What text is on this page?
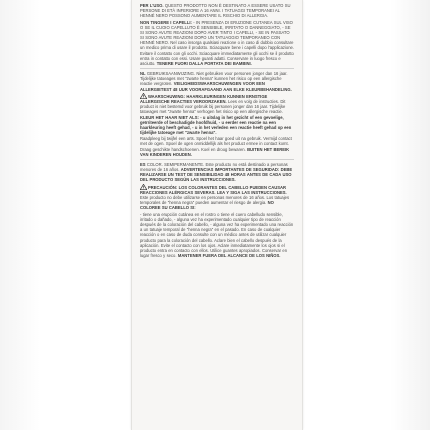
PER L'USO. QUESTO PRODOTTO NON È DESTINATO A ESSERE USATO SU PERSONE DI ETÀ INFERIORE A 16 ANNI. I TATUAGGI TEMPORANEI AL HENNÉ NERO POSSONO AUMENTARE IL RISCHIO DI ALLERGIA.

NON TINGERE I CAPELLI: - IN PRESENZA DI ERUZIONE CUTANEA SUL VISO O SE IL CUOIO CAPELLUTO È SENSIBILE, IRRITATO O DANNEGGIATO, - SE SI SONO AVUTE REAZIONI DOPO AVER TINTO I CAPELLI, - SE IN PASSATO SI SONO AVUTE REAZIONI DOPO UN TATUAGGIO TEMPORANEO CON HENNÉ NERO. Nel caso insorga qualsiasi reazione o in caso di dubbio consultare un medico prima di usare il prodotto. Sciacquare bene i capelli dopo l'applicazione. Evitare il contatto con gli occhi. Sciacquare immediatamente gli occhi se il prodotto entra in contatto con essi. Usare guanti adatti. Conservare in luogo fresco e asciutto. TENERE FUORI DALLA PORTATA DEI BAMBINI.

NL GEBRUIKSAANWIJZING. Niet gebruiken voor personen jonger dan 16 jaar. Tijdelijke tatoeages met "zwarte henna" kunnen het risico op een allergische reactie vergroten. VEILIGHEIDSWAARSCHUWINGEN VOOR EEN ALLERGIETEST 48 UUR VOORAFGAAND AAN ELKE KLEURBEHANDELING.

WAARSCHUWING: HAARKLEURINGEN KUNNEN ERNSTIGE ALLERGISCHE REACTIES VEROORZAKEN. Lees en volg de instructies. Dit product is niet bestemd voor gebruik bij personen jonger dan 16 jaar. Tijdelijke tatoeages met "zwarte henna" verhogen het risico op een allergische reactie. KLEUR HET HAAR NIET ALS: - u uitslag in het gezicht of een gevoelige, geïrriteerde of beschadigde hoofdhuid, - u eerder een reactie na een haarkleuring heeft gehad, - u in het verleden een reactie heeft gehad op een tijdelijke tatoeage met "zwarte henna".

Raadpleeg bij twijfel een arts. Spoel het haar goed uit na gebruik. Vermijd contact met de ogen. Spoel de ogen onmiddellijk als het product ermee in contact komt. Draag geschikte handschoenen. Koel en droog bewaren. BUITEN HET BEREIK VAN KINDEREN HOUDEN.

ES COLOR. SEMIPERMANENTE. Este producto no está destinado a personas menores de 16 años. ADVERTENCIAS IMPORTANTES DE SEGURIDAD: DEBE REALIZARSE UN TEST DE SENSIBILIDAD 48 HORAS ANTES DE CADA USO DEL PRODUCTO SEGÚN LAS INSTRUCCIONES.

PRECAUCIÓN: LOS COLORANTES DEL CABELLO PUEDEN CAUSAR REACCIONES ALÉRGICAS SEVERAS. LEA Y SIGA LAS INSTRUCCIONES. Este producto no debe utilizarse en personas menores de 16 años. Los tatuajes temporales de "henna negra" pueden aumentar el riesgo de alergia. NO COLOREE SU CABELLO SI:

- tiene una erupción cutánea en el rostro o tiene el cuero cabelludo sensible, irritado o dañado, - alguna vez ha experimentado cualquier tipo de reacción después de la coloración del cabello, - alguna vez ha experimentado una reacción a un tatuaje temporal de "henna negra" en el pasado. En caso de cualquier reacción o en caso de duda consulte con un médico antes de utilizar cualquier producto para la coloración del cabello. Aclare bien el cabello después de la aplicación. Evite el contacto con los ojos. Aclare inmediatamente los ojos si el producto entra en contacto con ellos. Utilice guantes apropiados. Conservar en lugar fresco y seco. MANTENER FUERA DEL ALCANCE DE LOS NIÑOS.
